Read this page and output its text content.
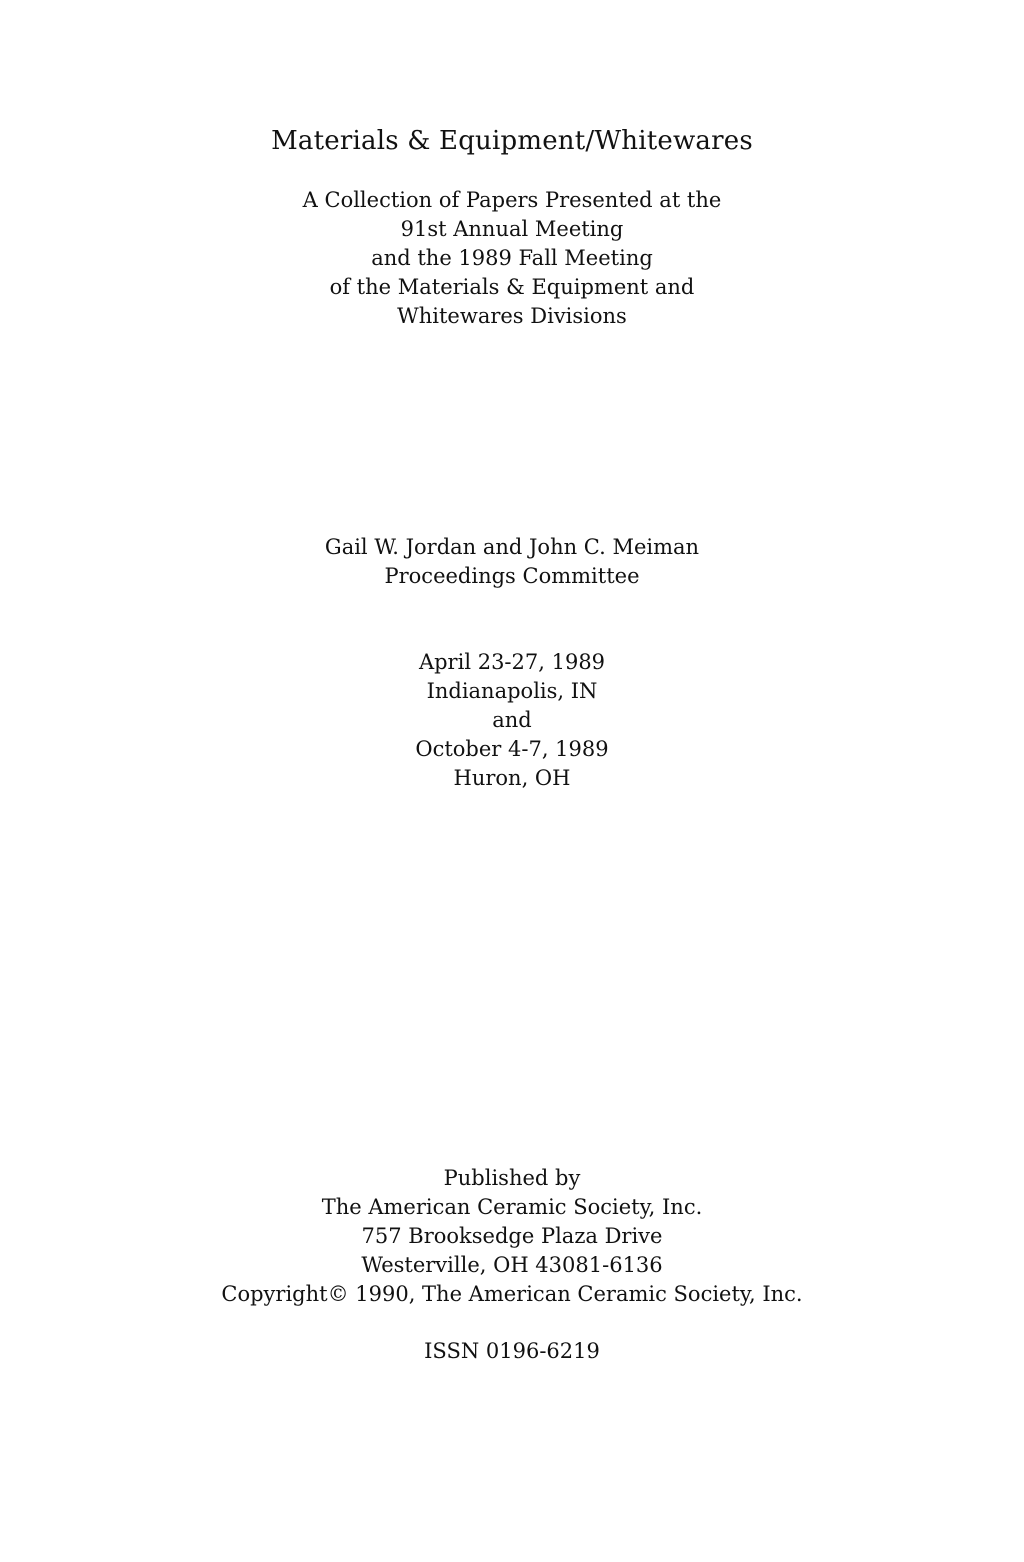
Materials & Equipment/Whitewares
A Collection of Papers Presented at the
91st Annual Meeting
and the 1989 Fall Meeting
of the Materials & Equipment and
Whitewares Divisions
Gail W. Jordan and John C. Meiman
Proceedings Committee
April 23-27, 1989
Indianapolis, IN
and
October 4-7, 1989
Huron, OH
Published by
The American Ceramic Society, Inc.
757 Brooksedge Plaza Drive
Westerville, OH 43081-6136
Copyright© 1990, The American Ceramic Society, Inc.
ISSN 0196-6219
